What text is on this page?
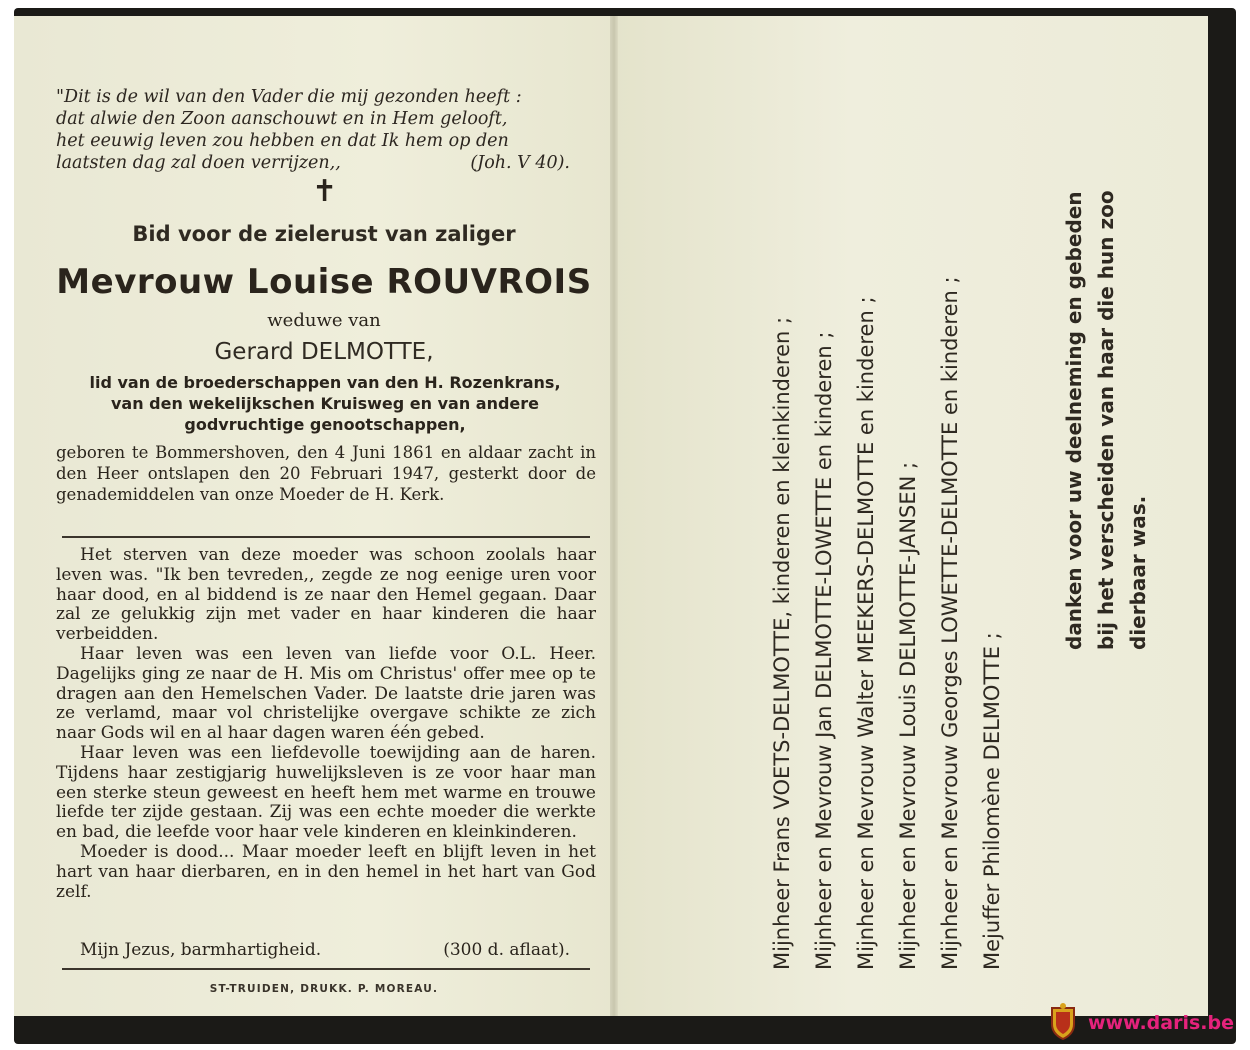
"Dit is de wil van den Vader die mij gezonden heeft :
dat alwie den Zoon aanschouwt en in Hem gelooft,
het eeuwig leven zou hebben en dat Ik hem op den
laatsten dag zal doen verrijzen,,	(Joh. V 40).
✝
Bid voor de zielerust van zaliger
Mevrouw Louise ROUVROIS
weduwe van
Gerard DELMOTTE,
lid van de broederschappen van den H. Rozenkrans,
van den wekelijkschen Kruisweg en van andere
godvruchtige genootschappen,
geboren te Bommershoven, den 4 Juni 1861 en aldaar zacht in den Heer ontslapen den 20 Februari 1947, gesterkt door de genademiddelen van onze Moeder de H. Kerk.

Het sterven van deze moeder was schoon zoolals haar leven was. "Ik ben tevreden,, zegde ze nog eenige uren voor haar dood, en al biddend is ze naar den Hemel gegaan. Daar zal ze gelukkig zijn met vader en haar kinderen die haar verbeidden.

Haar leven was een leven van liefde voor O.L. Heer. Dagelijks ging ze naar de H. Mis om Christus' offer mee op te dragen aan den Hemelschen Vader. De laatste drie jaren was ze verlamd, maar vol christelijke overgave schikte ze zich naar Gods wil en al haar dagen waren één gebed.

Haar leven was een liefdevolle toewijding aan de haren. Tijdens haar zestigjarig huwelijksleven is ze voor haar man een sterke steun geweest en heeft hem met warme en trouwe liefde ter zijde gestaan. Zij was een echte moeder die werkte en bad, die leefde voor haar vele kinderen en kleinkinderen.

Moeder is dood... Maar moeder leeft en blijft leven in het hart van haar dierbaren, en in den hemel in het hart van God zelf.

Mijn Jezus, barmhartigheid.	(300 d. aflaat).
ST-TRUIDEN, DRUKK. P. MOREAU.
Mijnheer Frans VOETS-DELMOTTE, kinderen en kleinkinderen ; Mijnheer en Mevrouw Jan DELMOTTE-LOWETTE en kinderen ; Mijnheer en Mevrouw Walter MEEKERS-DELMOTTE en kinderen ; Mijnheer en Mevrouw Louis DELMOTTE-JANSEN ; Mijnheer en Mevrouw Georges LOWETTE-DELMOTTE en kinderen ; Mejuffer Philomène DELMOTTE ;
danken voor uw deelneming en gebeden bij het verscheiden van haar die hun zoo dierbaar was.
www.daris.be
